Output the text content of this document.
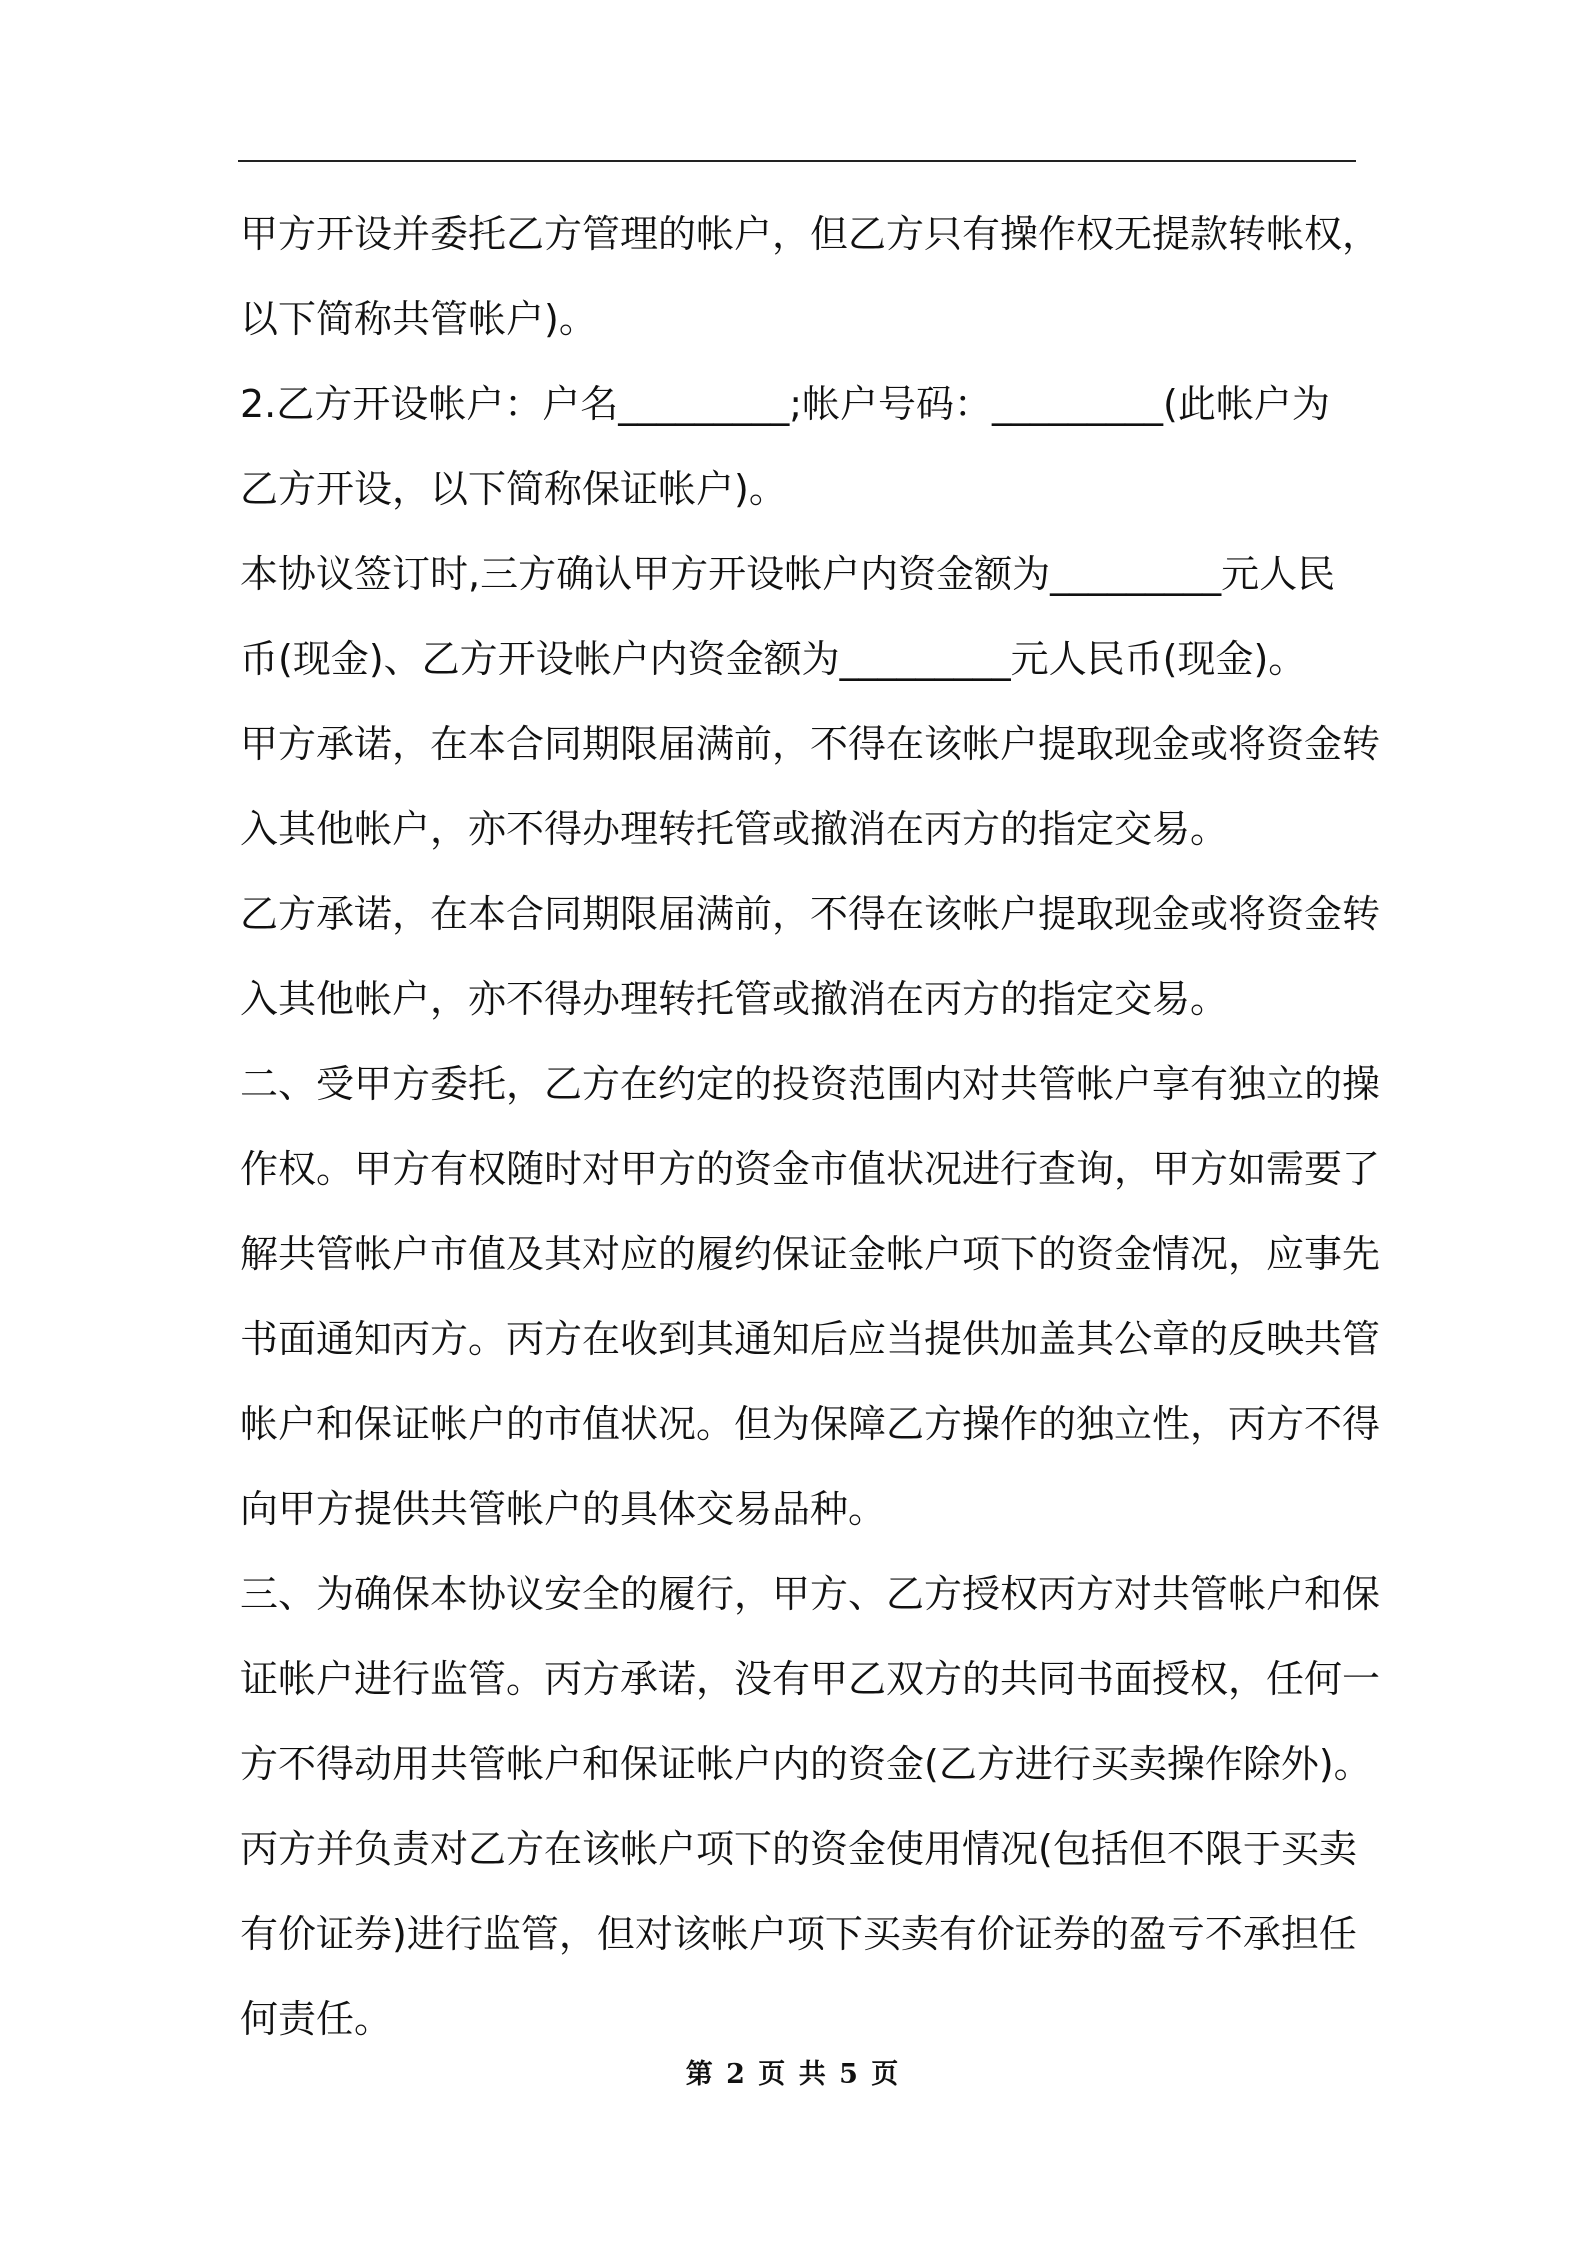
甲方开设并委托乙方管理的帐户，但乙方只有操作权无提款转帐权，
以下简称共管帐户)。
2.乙方开设帐户：户名_________;帐户号码：_________(此帐户为
乙方开设，以下简称保证帐户)。
本协议签订时,三方确认甲方开设帐户内资金额为_________元人民
币(现金)、乙方开设帐户内资金额为_________元人民币(现金)。
甲方承诺，在本合同期限届满前，不得在该帐户提取现金或将资金转
入其他帐户，亦不得办理转托管或撤消在丙方的指定交易。
乙方承诺，在本合同期限届满前，不得在该帐户提取现金或将资金转
入其他帐户，亦不得办理转托管或撤消在丙方的指定交易。
二、受甲方委托，乙方在约定的投资范围内对共管帐户享有独立的操
作权。甲方有权随时对甲方的资金市值状况进行查询，甲方如需要了
解共管帐户市值及其对应的履约保证金帐户项下的资金情况，应事先
书面通知丙方。丙方在收到其通知后应当提供加盖其公章的反映共管
帐户和保证帐户的市值状况。但为保障乙方操作的独立性，丙方不得
向甲方提供共管帐户的具体交易品种。
三、为确保本协议安全的履行，甲方、乙方授权丙方对共管帐户和保
证帐户进行监管。丙方承诺，没有甲乙双方的共同书面授权，任何一
方不得动用共管帐户和保证帐户内的资金(乙方进行买卖操作除外)。
丙方并负责对乙方在该帐户项下的资金使用情况(包括但不限于买卖
有价证券)进行监管，但对该帐户项下买卖有价证券的盈亏不承担任
何责任。
第 2 页 共 5 页
